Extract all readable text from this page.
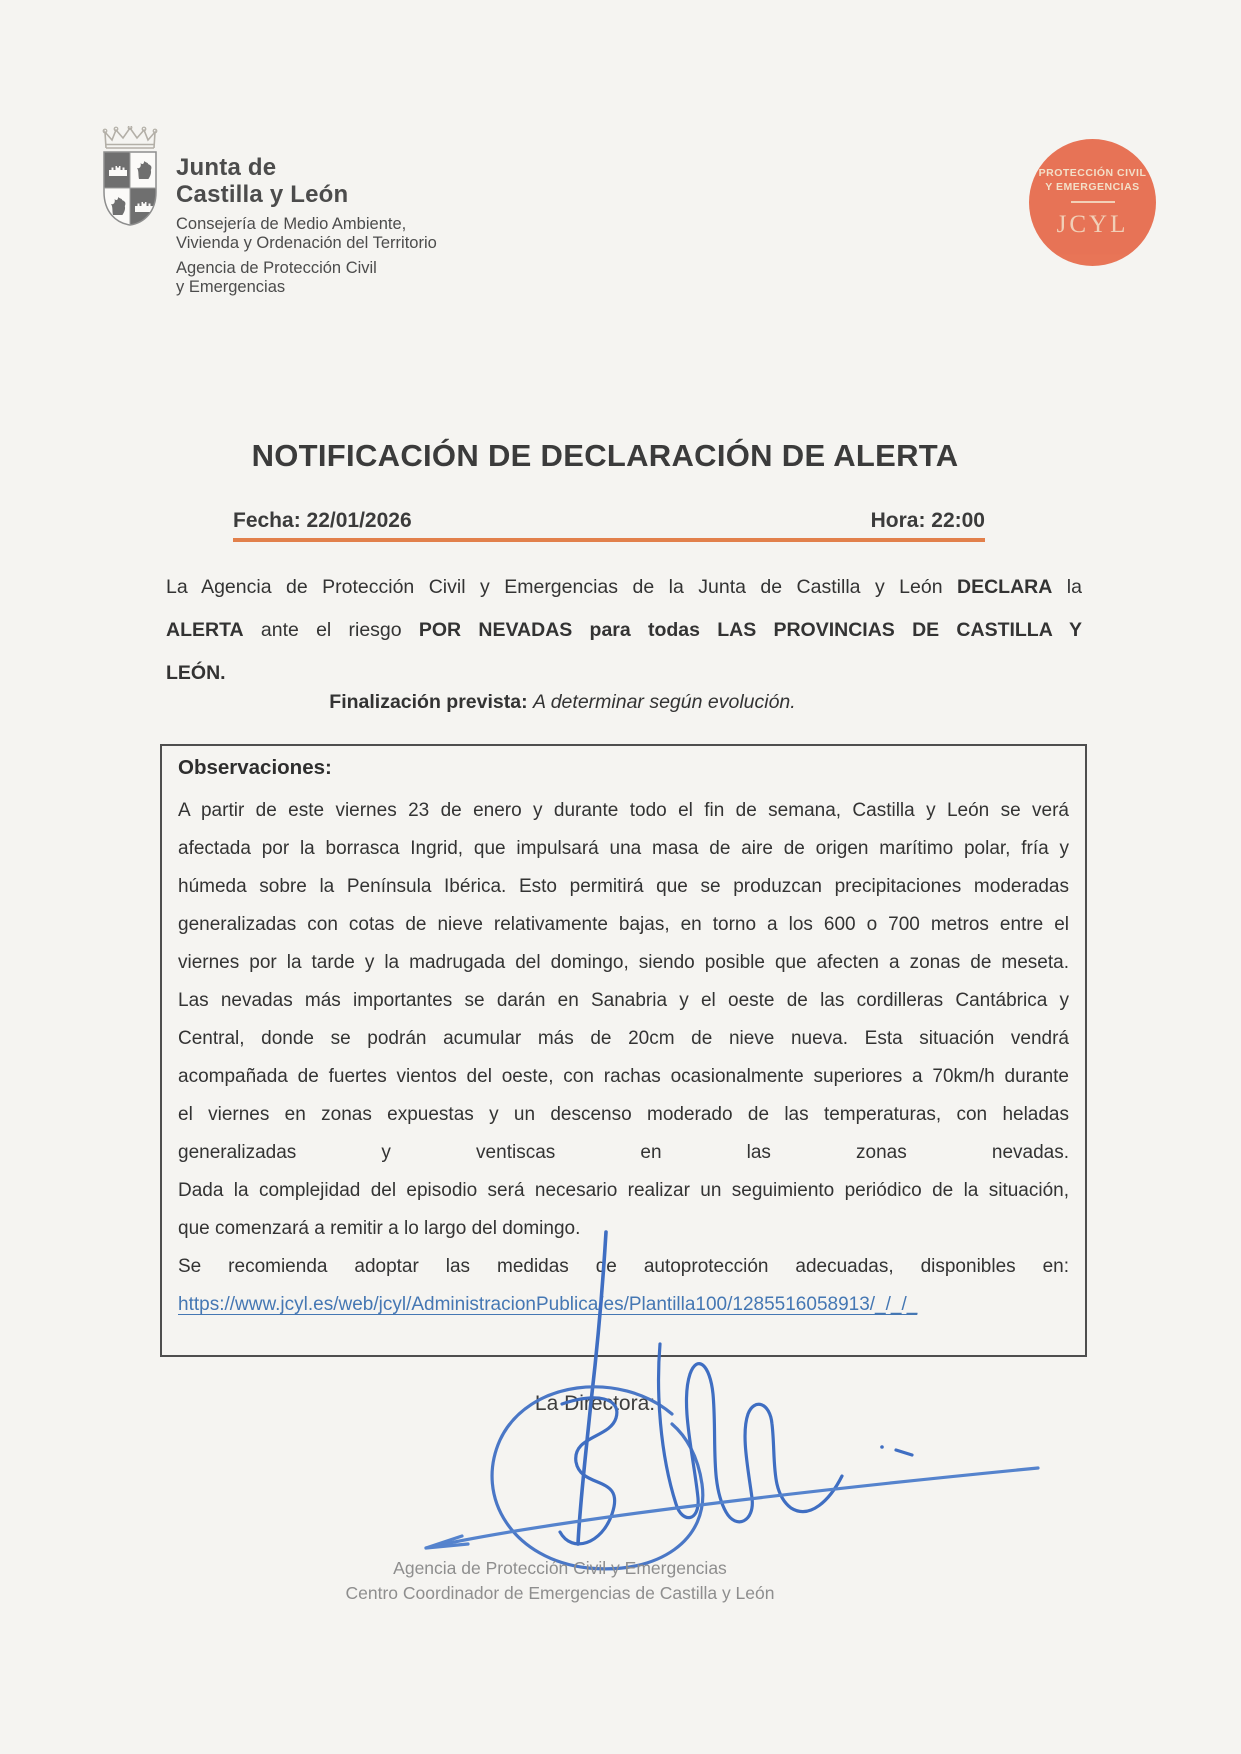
Junta de
Castilla y León
Consejería de Medio Ambiente,
Vivienda y Ordenación del Territorio
Agencia de Protección Civil
y Emergencias
PROTECCIÓN CIVIL
Y EMERGENCIAS
JCYL
NOTIFICACIÓN DE DECLARACIÓN DE ALERTA
Fecha: 22/01/2026	Hora: 22:00
La Agencia de Protección Civil y Emergencias de la Junta de Castilla y León DECLARA la
ALERTA ante el riesgo POR NEVADAS para todas LAS PROVINCIAS DE CASTILLA Y
LEÓN.
Finalización prevista: A determinar según evolución.
Observaciones:
A partir de este viernes 23 de enero y durante todo el fin de semana, Castilla y León se verá
afectada por la borrasca Ingrid, que impulsará una masa de aire de origen marítimo polar, fría y
húmeda sobre la Península Ibérica. Esto permitirá que se produzcan precipitaciones moderadas
generalizadas con cotas de nieve relativamente bajas, en torno a los 600 o 700 metros entre el
viernes por la tarde y la madrugada del domingo, siendo posible que afecten a zonas de meseta.
Las nevadas más importantes se darán en Sanabria y el oeste de las cordilleras Cantábrica y
Central, donde se podrán acumular más de 20cm de nieve nueva. Esta situación vendrá
acompañada de fuertes vientos del oeste, con rachas ocasionalmente superiores a 70km/h durante
el viernes en zonas expuestas y un descenso moderado de las temperaturas, con heladas
generalizadas y ventiscas en las zonas nevadas.
Dada la complejidad del episodio será necesario realizar un seguimiento periódico de la situación,
que comenzará a remitir a lo largo del domingo.
Se recomienda adoptar las medidas de autoprotección adecuadas, disponibles en:
https://www.jcyl.es/web/jcyl/AdministracionPublica/es/Plantilla100/1285516058913/_/_/_
La Directora:
Agencia de Protección Civil y Emergencias
Centro Coordinador de Emergencias de Castilla y León
